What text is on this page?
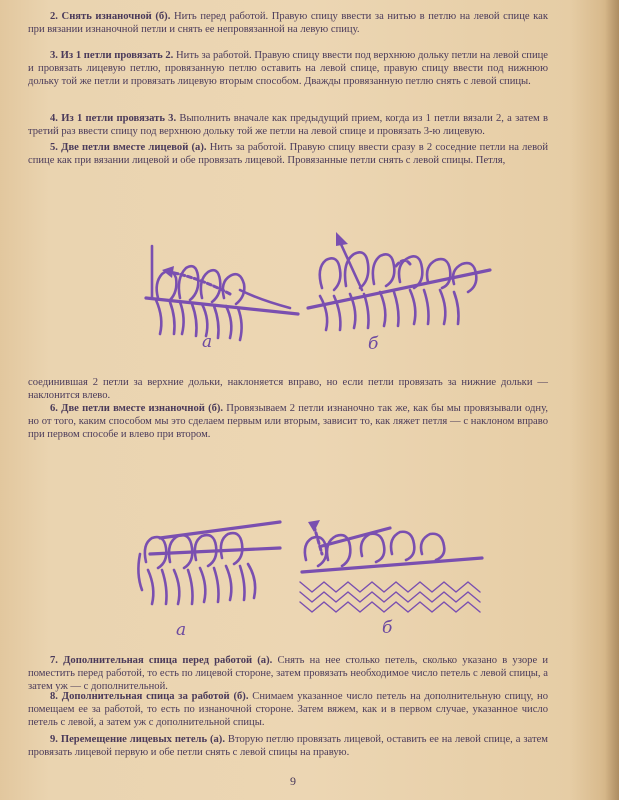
2. Снять изнаночной (б). Нить перед работой. Правую спицу ввести за нитью в петлю на левой спице как при вязании изнаночной петли и снять ее непровязанной на левую спицу.

3. Из 1 петли провязать 2. Нить за работой. Правую спицу ввести под верхнюю дольку петли на левой спице и провязать лицевую петлю, провязанную петлю оставить на левой спице, правую спицу ввести под нижнюю дольку той же петли и провязать лицевую вторым способом. Дважды провязанную петлю снять с левой спицы.

4. Из 1 петли провязать 3. Выполнить вначале как предыдущий прием, когда из 1 петли вязали 2, а затем в третий раз ввести спицу под верхнюю дольку той же петли на левой спице и провязать 3-ю лицевую.

5. Две петли вместе лицевой (а). Нить за работой. Правую спицу ввести сразу в 2 соседние петли на левой спице как при вязании лицевой и обе провязать лицевой. Провязанные петли снять с левой спицы. Петля,

а	б

соединившая 2 петли за верхние дольки, наклоняется вправо, но если петли провязать за нижние дольки — наклонится влево.

6. Две петли вместе изнаночной (б). Провязываем 2 петли изнаночно так же, как бы мы провязывали одну, но от того, каким способом мы это сделаем первым или вторым, зависит то, как ляжет петля — с наклоном вправо при первом способе и влево при втором.

а	б

7. Дополнительная спица перед работой (а). Снять на нее столько петель, сколько указано в узоре и поместить перед работой, то есть по лицевой стороне, затем провязать необходимое число петель с левой спицы, а затем уж — с дополнительной.

8. Дополнительная спица за работой (б). Снимаем указанное число петель на дополнительную спицу, но помещаем ее за работой, то есть по изнаночной стороне. Затем вяжем, как и в первом случае, указанное число петель с левой, а затем уж с дополнительной спицы.

9. Перемещение лицевых петель (а). Вторую петлю провязать лицевой, оставить ее на левой спице, а затем провязать лицевой первую и обе петли снять с левой спицы на правую.

9
